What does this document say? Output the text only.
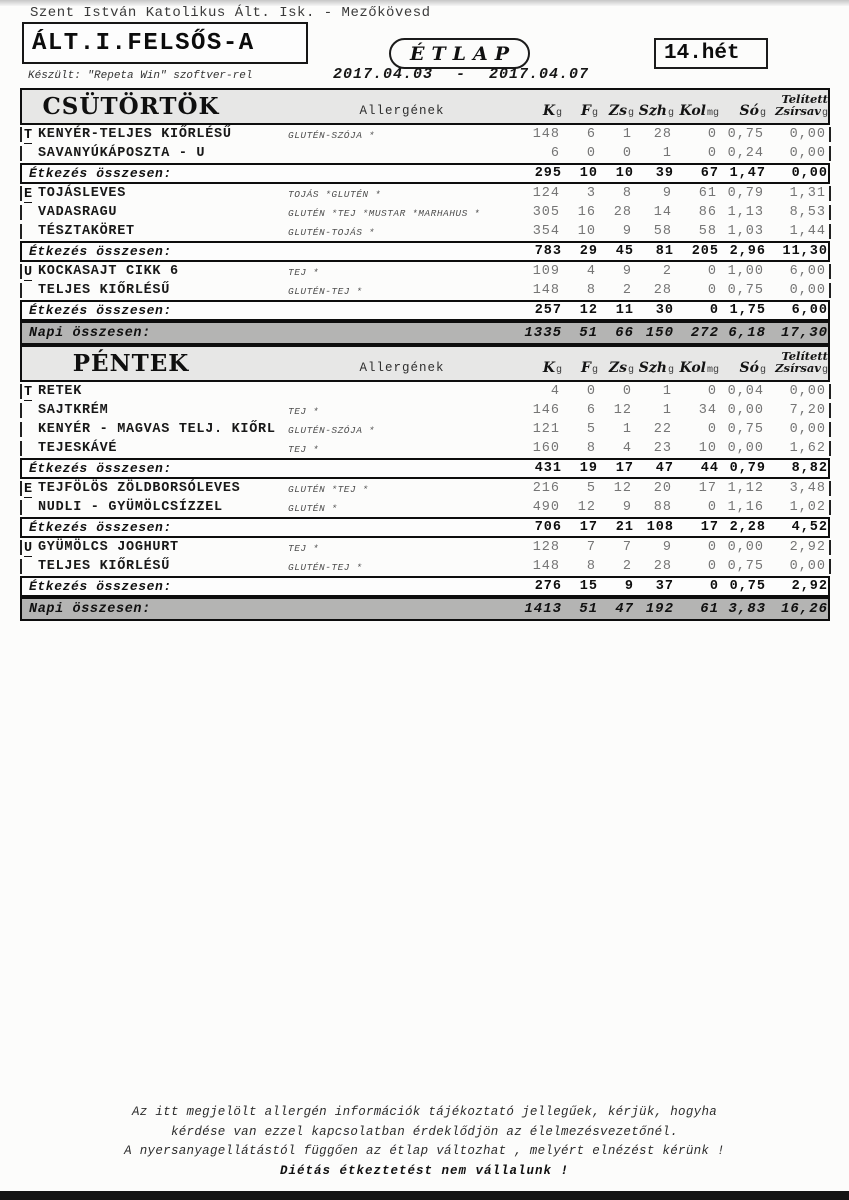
Szent István Katolikus Ált. Isk. - Mezőkövesd
ÁLT.I.FELSŐS-A	ÉTLAP	14.hét
Készült: "Repeta Win" szoftver-rel	2017.04.03 - 2017.04.07
CSÜTÖRTÖK	Allergének	Kg	Fg Zsg Szhg Kolmg	Sóg
Telített
Zsírsavg
T KENYÉR-TELJES KIŐRLÉSŰ	GLUTÉN-SZÓJA *	148	6	1	28	0 0,75	0,00
SAVANYÚKÁPOSZTA - U	6	0	0	1	0 0,24	0,00
Étkezés összesen:	295	10	10	39	67 1,47	0,00
E TOJÁSLEVES	TOJÁS *GLUTÉN *	124	3	8	9	61 0,79	1,31
VADASRAGU	GLUTÉN *TEJ *MUSTAR *MARHAHUS *	305	16	28	14	86 1,13	8,53
TÉSZTAKÖRET	GLUTÉN-TOJÁS *	354	10	9	58	58 1,03	1,44
Étkezés összesen:	783	29	45	81	205 2,96	11,30
U KOCKASAJT CIKK 6	TEJ *	109	4	9	2	0 1,00	6,00
TELJES KIŐRLÉSŰ	GLUTÉN-TEJ *	148	8	2	28	0 0,75	0,00
Étkezés összesen:	257	12	11	30	0 1,75	6,00
Napi összesen:	1335	51	66 150	272 6,18	17,30
PÉNTEK	Allergének	Kg	Fg Zsg Szhg Kolmg	Sóg
Telített
Zsírsavg
T RETEK	4	0	0	1	0 0,04	0,00
SAJTKRÉM	TEJ *	146	6	12	1	34 0,00	7,20
KENYÉR - MAGVAS TELJ. KIŐRL	GLUTÉN-SZÓJA *	121	5	1	22	0 0,75	0,00
TEJESKÁVÉ	TEJ *	160	8	4	23	10 0,00	1,62
Étkezés összesen:	431	19	17	47	44 0,79	8,82
E TEJFÖLÖS ZÖLDBORSÓLEVES	GLUTÉN *TEJ *	216	5	12	20	17 1,12	3,48
NUDLI - GYÜMÖLCSÍZZEL	GLUTÉN *	490	12	9	88	0 1,16	1,02
Étkezés összesen:	706	17	21 108	17 2,28	4,52
U GYÜMÖLCS JOGHURT	TEJ *	128	7	7	9	0 0,00	2,92
TELJES KIŐRLÉSŰ	GLUTÉN-TEJ *	148	8	2	28	0 0,75	0,00
Étkezés összesen:	276	15	9	37	0 0,75	2,92
Napi összesen:	1413	51	47 192	61 3,83	16,26
Az itt megjelölt allergén információk tájékoztató jellegűek, kérjük, hogyha
kérdése van ezzel kapcsolatban érdeklődjön az élelmezésvezetőnél.
A nyersanyagellátástól függően az étlap változhat , melyért elnézést kérünk !
Diétás étkeztetést nem vállalunk !
